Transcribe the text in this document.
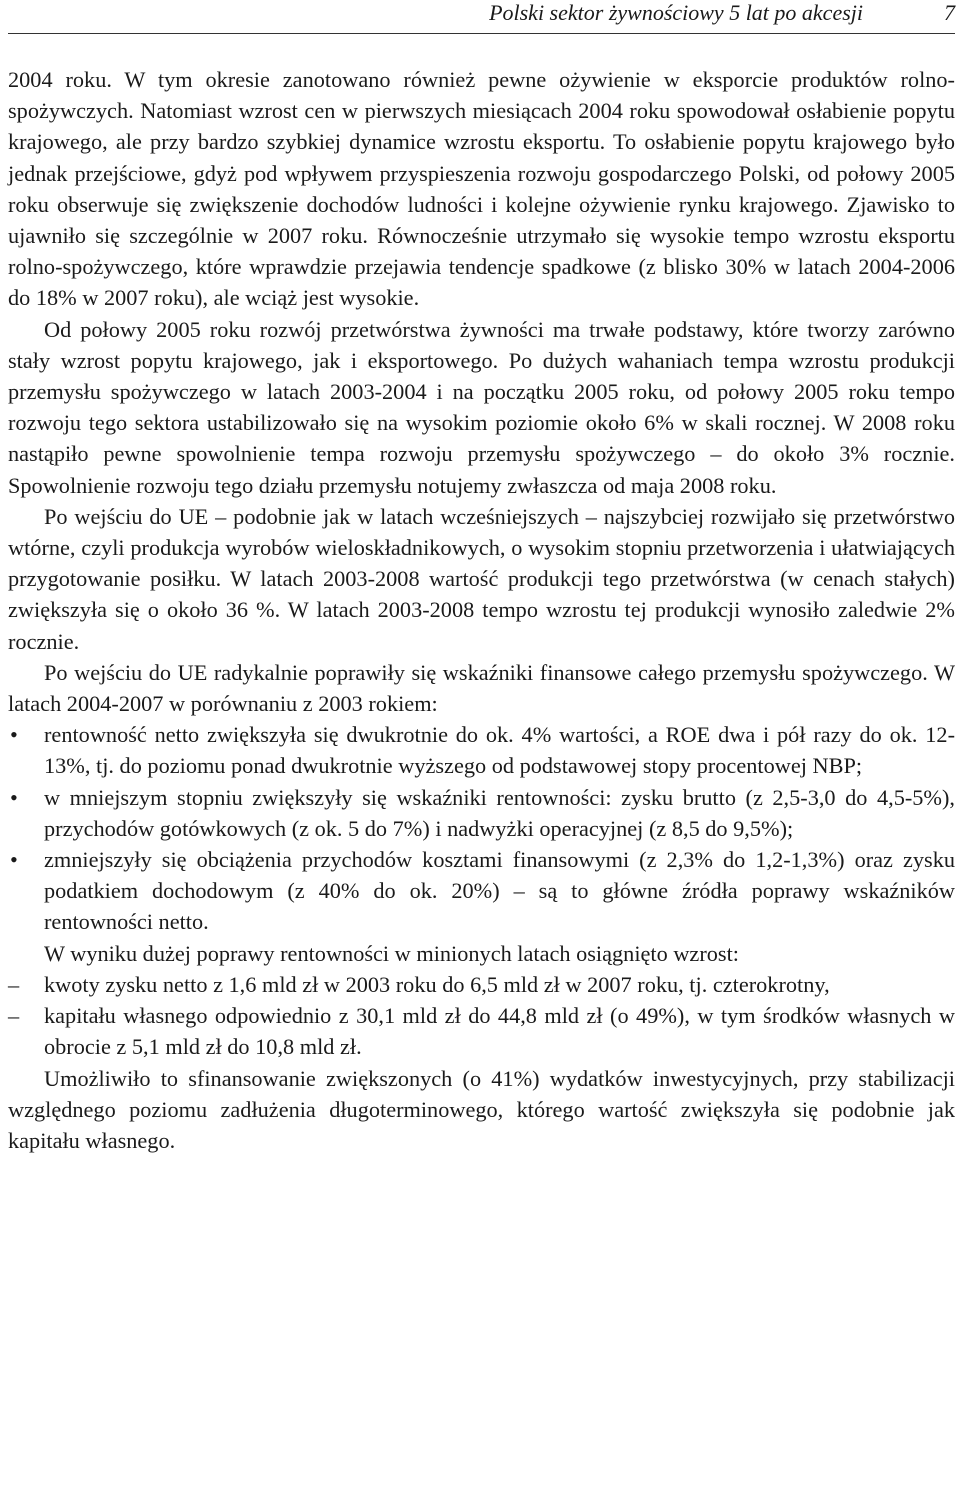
Polski sektor żywnościowy 5 lat po akcesji	7

2004 roku. W tym okresie zanotowano również pewne ożywienie w eksporcie produktów rolno-spożywczych. Natomiast wzrost cen w pierwszych miesiącach 2004 roku spowodował osłabienie popytu krajowego, ale przy bardzo szybkiej dynamice wzrostu eksportu. To osłabienie popytu krajowego było jednak przejściowe, gdyż pod wpływem przyspieszenia rozwoju gospodarczego Polski, od połowy 2005 roku obserwuje się zwiększenie dochodów ludności i kolejne ożywienie rynku krajowego. Zjawisko to ujawniło się szczególnie w 2007 roku. Równocześnie utrzymało się wysokie tempo wzrostu eksportu rolno-spożywczego, które wprawdzie przejawia tendencje spadkowe (z blisko 30% w latach 2004-2006 do 18% w 2007 roku), ale wciąż jest wysokie.

Od połowy 2005 roku rozwój przetwórstwa żywności ma trwałe podstawy, które tworzy zarówno stały wzrost popytu krajowego, jak i eksportowego. Po dużych wahaniach tempa wzrostu produkcji przemysłu spożywczego w latach 2003-2004 i na początku 2005 roku, od połowy 2005 roku tempo rozwoju tego sektora ustabilizowało się na wysokim poziomie około 6% w skali rocznej. W 2008 roku nastąpiło pewne spowolnienie tempa rozwoju przemysłu spożywczego – do około 3% rocznie. Spowolnienie rozwoju tego działu przemysłu notujemy zwłaszcza od maja 2008 roku.

Po wejściu do UE – podobnie jak w latach wcześniejszych – najszybciej rozwijało się przetwórstwo wtórne, czyli produkcja wyrobów wieloskładnikowych, o wysokim stopniu przetworzenia i ułatwiających przygotowanie posiłku. W latach 2003-2008 wartość produkcji tego przetwórstwa (w cenach stałych) zwiększyła się o około 36 %. W latach 2003-2008 tempo wzrostu tej produkcji wynosiło zaledwie 2% rocznie.

Po wejściu do UE radykalnie poprawiły się wskaźniki finansowe całego przemysłu spożywczego. W latach 2004-2007 w porównaniu z 2003 rokiem:

• rentowność netto zwiększyła się dwukrotnie do ok. 4% wartości, a ROE dwa i pół razy do ok. 12-13%, tj. do poziomu ponad dwukrotnie wyższego od podstawowej stopy procentowej NBP;
• w mniejszym stopniu zwiększyły się wskaźniki rentowności: zysku brutto (z 2,5-3,0 do 4,5-5%), przychodów gotówkowych (z ok. 5 do 7%) i nadwyżki operacyjnej (z 8,5 do 9,5%);
• zmniejszyły się obciążenia przychodów kosztami finansowymi (z 2,3% do 1,2-1,3%) oraz zysku podatkiem dochodowym (z 40% do ok. 20%) – są to główne źródła poprawy wskaźników rentowności netto.

W wyniku dużej poprawy rentowności w minionych latach osiągnięto wzrost:

– kwoty zysku netto z 1,6 mld zł w 2003 roku do 6,5 mld zł w 2007 roku, tj. czterokrotny,
– kapitału własnego odpowiednio z 30,1 mld zł do 44,8 mld zł (o 49%), w tym środków własnych w obrocie z 5,1 mld zł do 10,8 mld zł.

Umożliwiło to sfinansowanie zwiększonych (o 41%) wydatków inwestycyjnych, przy stabilizacji względnego poziomu zadłużenia długoterminowego, którego wartość zwiększyła się podobnie jak kapitału własnego.
